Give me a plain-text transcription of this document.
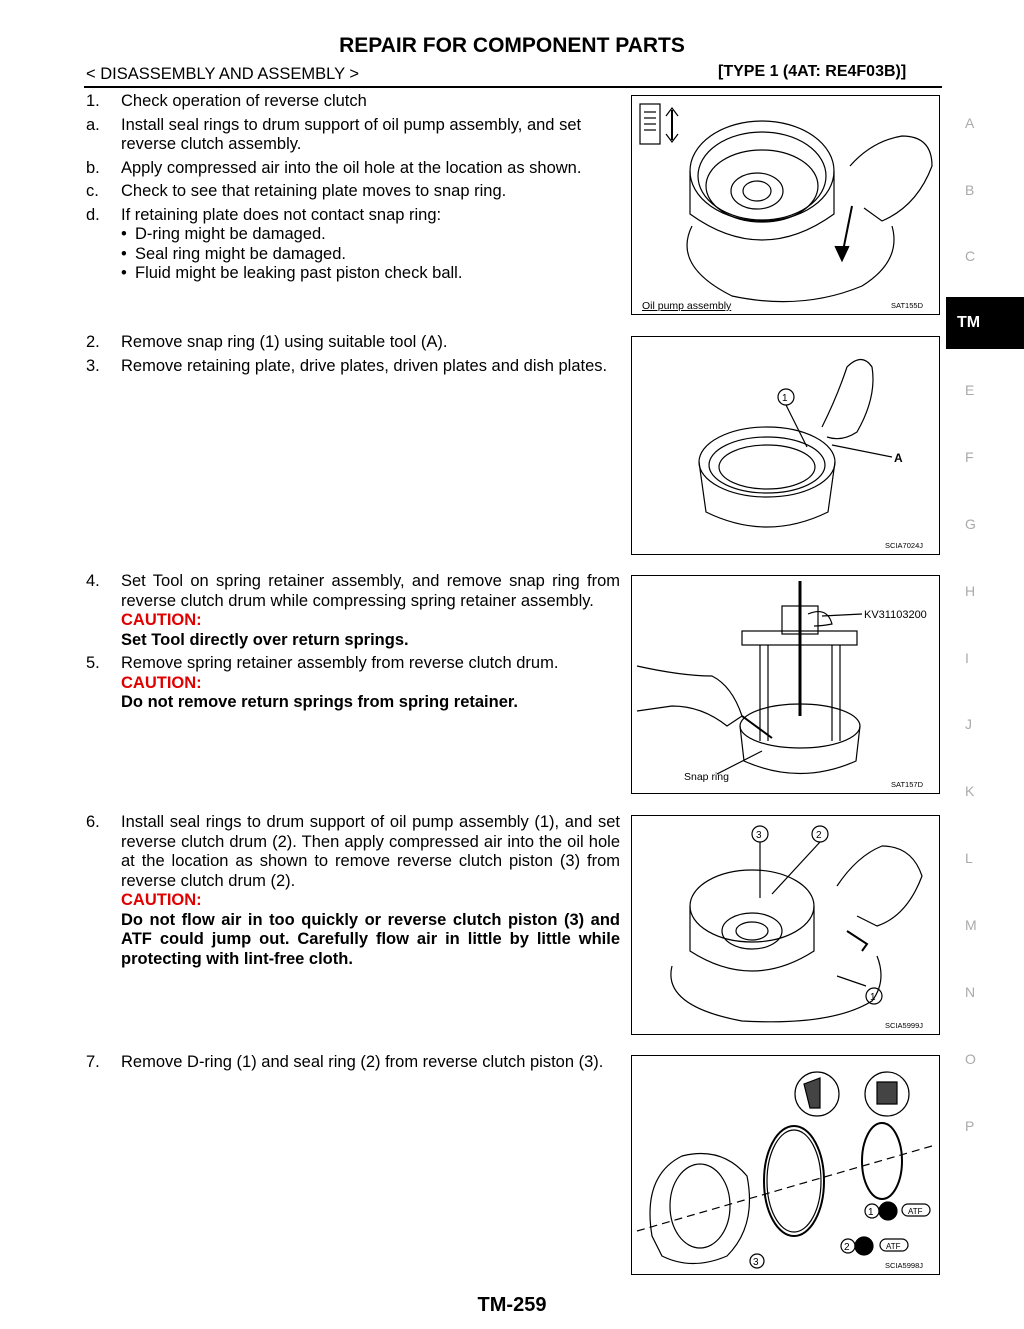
REPAIR FOR COMPONENT PARTS
< DISASSEMBLY AND ASSEMBLY >	[TYPE 1 (4AT: RE4F03B)]
1.	Check operation of reverse clutch
a.	Install seal rings to drum support of oil pump assembly, and set reverse clutch assembly.
b.	Apply compressed air into the oil hole at the location as shown.
c.	Check to see that retaining plate moves to snap ring.
d.	If retaining plate does not contact snap ring:
• D-ring might be damaged.
• Seal ring might be damaged.
• Fluid might be leaking past piston check ball.
2.	Remove snap ring (1) using suitable tool (A).
3.	Remove retaining plate, drive plates, driven plates and dish plates.
4.	Set Tool on spring retainer assembly, and remove snap ring from reverse clutch drum while compressing spring retainer assembly.
CAUTION:
Set Tool directly over return springs.
5.	Remove spring retainer assembly from reverse clutch drum.
CAUTION:
Do not remove return springs from spring retainer.
6.	Install seal rings to drum support of oil pump assembly (1), and set reverse clutch drum (2). Then apply compressed air into the oil hole at the location as shown to remove reverse clutch piston (3) from reverse clutch drum (2).
CAUTION:
Do not flow air in too quickly or reverse clutch piston (3) and ATF could jump out. Carefully flow air in little by little while protecting with lint-free cloth.
7.	Remove D-ring (1) and seal ring (2) from reverse clutch piston (3).
Oil pump assembly	SAT155D
1
A
SCIA7024J
KV31103200
Snap ring
SAT157D
3	2
1
SCIA5999J
3
1
2
ATF
ATF
SCIA5998J
A
B
C
TM
E
F
G
H
I
J
K
L
M
N
O
P
TM-259
